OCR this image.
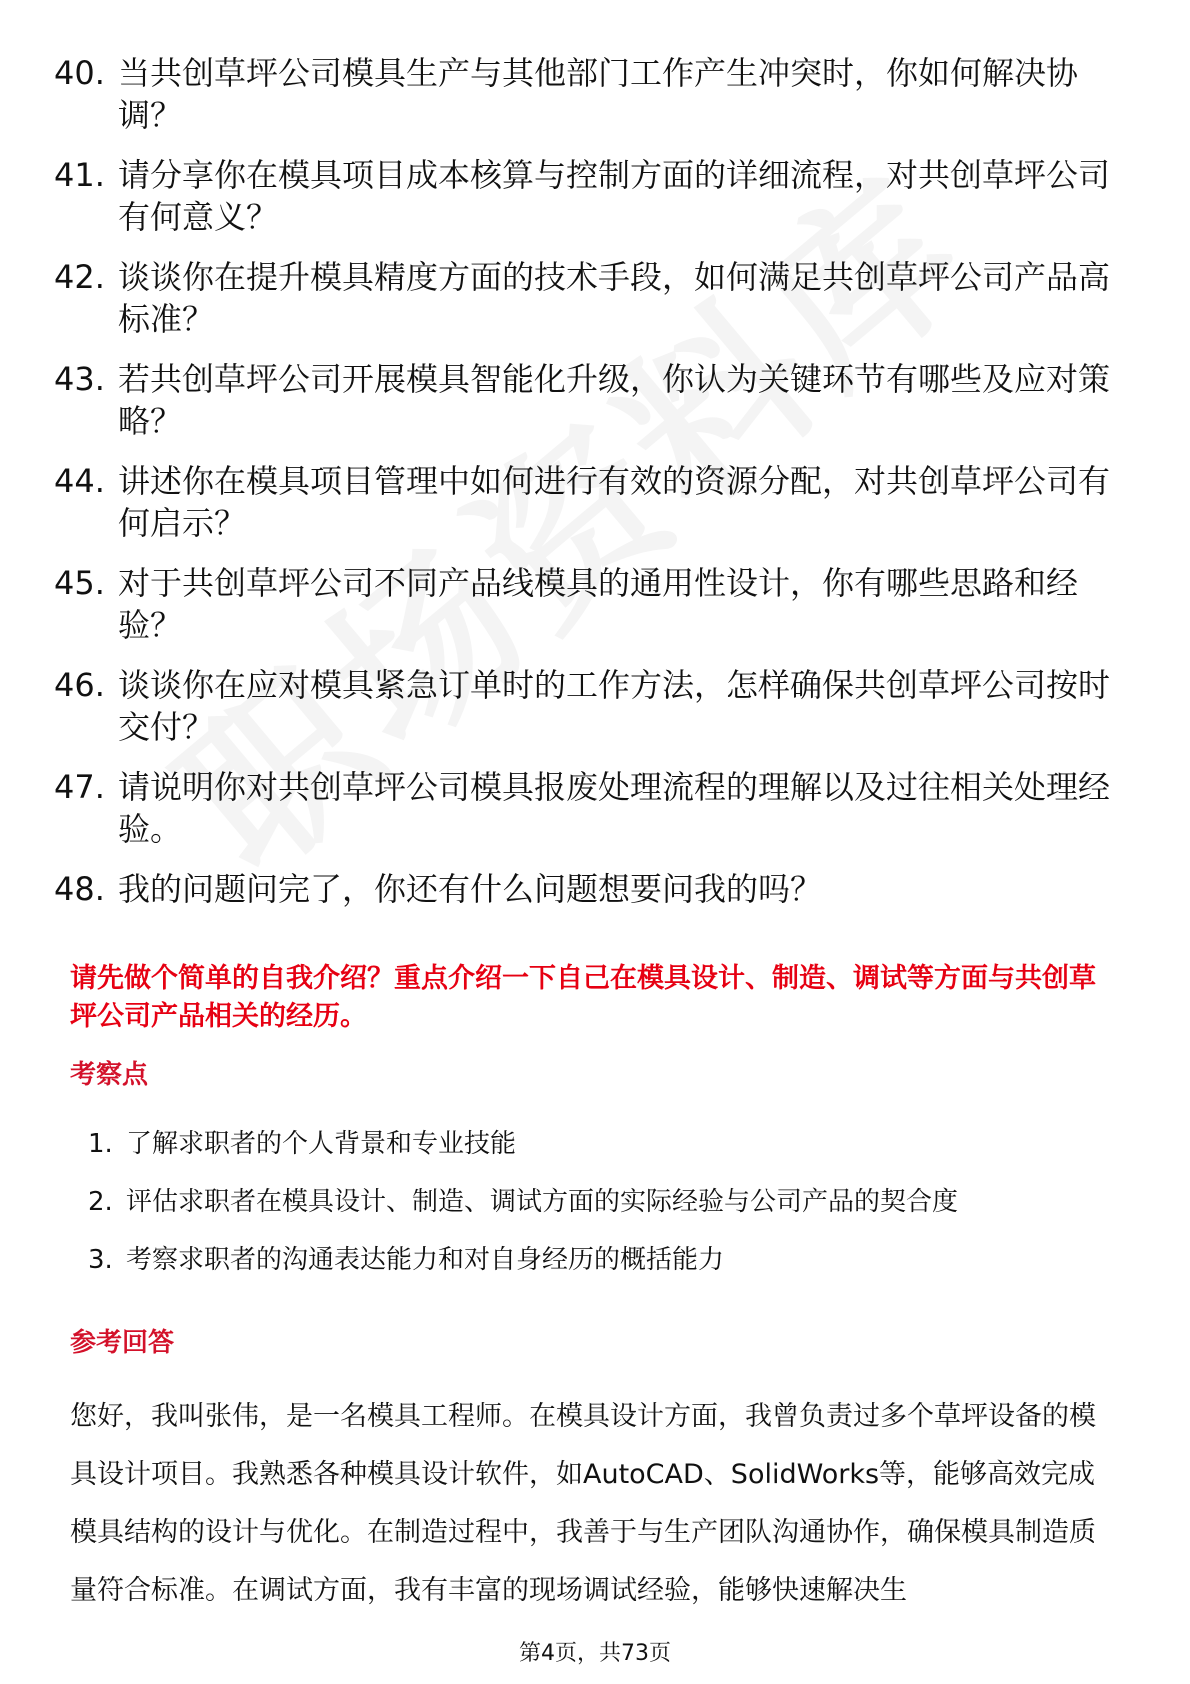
40. 当共创草坪公司模具生产与其他部门工作产生冲突时，你如何解决协调？
41. 请分享你在模具项目成本核算与控制方面的详细流程，对共创草坪公司有何意义？
42. 谈谈你在提升模具精度方面的技术手段，如何满足共创草坪公司产品高标准？
43. 若共创草坪公司开展模具智能化升级，你认为关键环节有哪些及应对策略？
44. 讲述你在模具项目管理中如何进行有效的资源分配，对共创草坪公司有何启示？
45. 对于共创草坪公司不同产品线模具的通用性设计，你有哪些思路和经验？
46. 谈谈你在应对模具紧急订单时的工作方法，怎样确保共创草坪公司按时交付？
47. 请说明你对共创草坪公司模具报废处理流程的理解以及过往相关处理经验。
48. 我的问题问完了，你还有什么问题想要问我的吗？
请先做个简单的自我介绍？重点介绍一下自己在模具设计、制造、调试等方面与共创草坪公司产品相关的经历。
考察点
1. 了解求职者的个人背景和专业技能
2. 评估求职者在模具设计、制造、调试方面的实际经验与公司产品的契合度
3. 考察求职者的沟通表达能力和对自身经历的概括能力
参考回答
您好，我叫张伟，是一名模具工程师。在模具设计方面，我曾负责过多个草坪设备的模具设计项目。我熟悉各种模具设计软件，如AutoCAD、SolidWorks等，能够高效完成模具结构的设计与优化。在制造过程中，我善于与生产团队沟通协作，确保模具制造质量符合标准。在调试方面，我有丰富的现场调试经验，能够快速解决生
第4页，共73页
